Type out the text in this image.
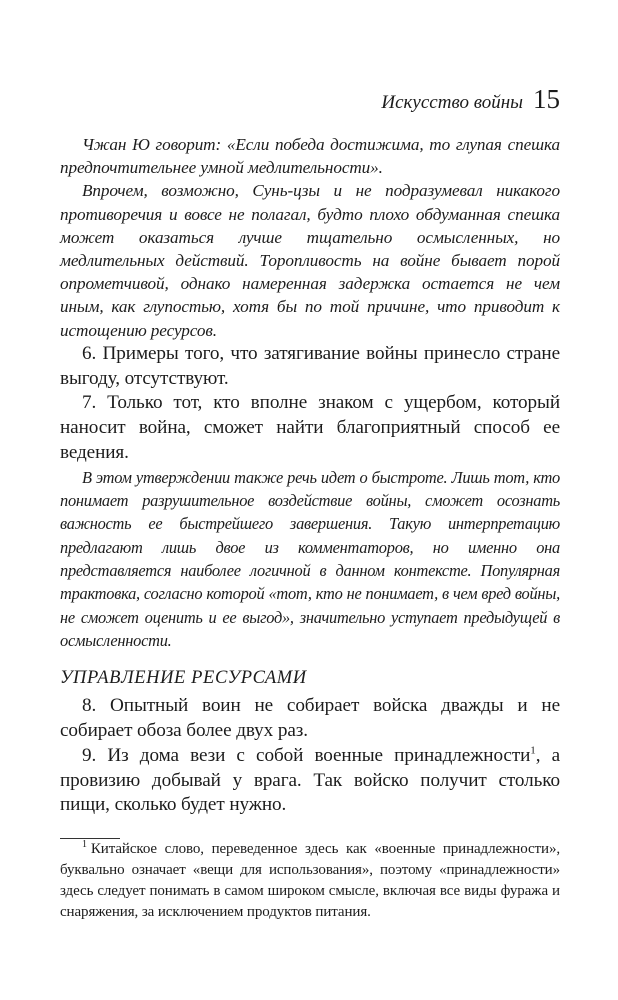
Искусство войны 15

Чжан Ю говорит: «Если победа достижима, то глупая спешка предпочтительнее умной медлительности».

Впрочем, возможно, Сунь-цзы и не подразумевал никакого противоречия и вовсе не полагал, будто плохо обдуманная спешка может оказаться лучше тщательно осмысленных, но медлительных действий. Торопливость на войне бывает порой опрометчивой, однако намеренная задержка остается не чем иным, как глупостью, хотя бы по той причине, что приводит к истощению ресурсов.

6. Примеры того, что затягивание войны принесло стране выгоду, отсутствуют.

7. Только тот, кто вполне знаком с ущербом, который наносит война, сможет найти благоприятный способ ее ведения.

В этом утверждении также речь идет о быстроте. Лишь тот, кто понимает разрушительное воздействие войны, сможет осознать важность ее быстрейшего завершения. Такую интерпретацию предлагают лишь двое из комментаторов, но именно она представляется наиболее логичной в данном контексте. Популярная трактовка, согласно которой «тот, кто не понимает, в чем вред войны, не сможет оценить и ее выгод», значительно уступает предыдущей в осмысленности.

УПРАВЛЕНИЕ РЕСУРСАМИ

8. Опытный воин не собирает войска дважды и не собирает обоза более двух раз.

9. Из дома вези с собой военные принадлежности$^1$, а провизию добывай у врага. Так войско получит столько пищи, сколько будет нужно.

$^1$ Китайское слово, переведенное здесь как «военные принадлежности», буквально означает «вещи для использования», поэтому «принадлежности» здесь следует понимать в самом широком смысле, включая все виды фуража и снаряжения, за исключением продуктов питания.
